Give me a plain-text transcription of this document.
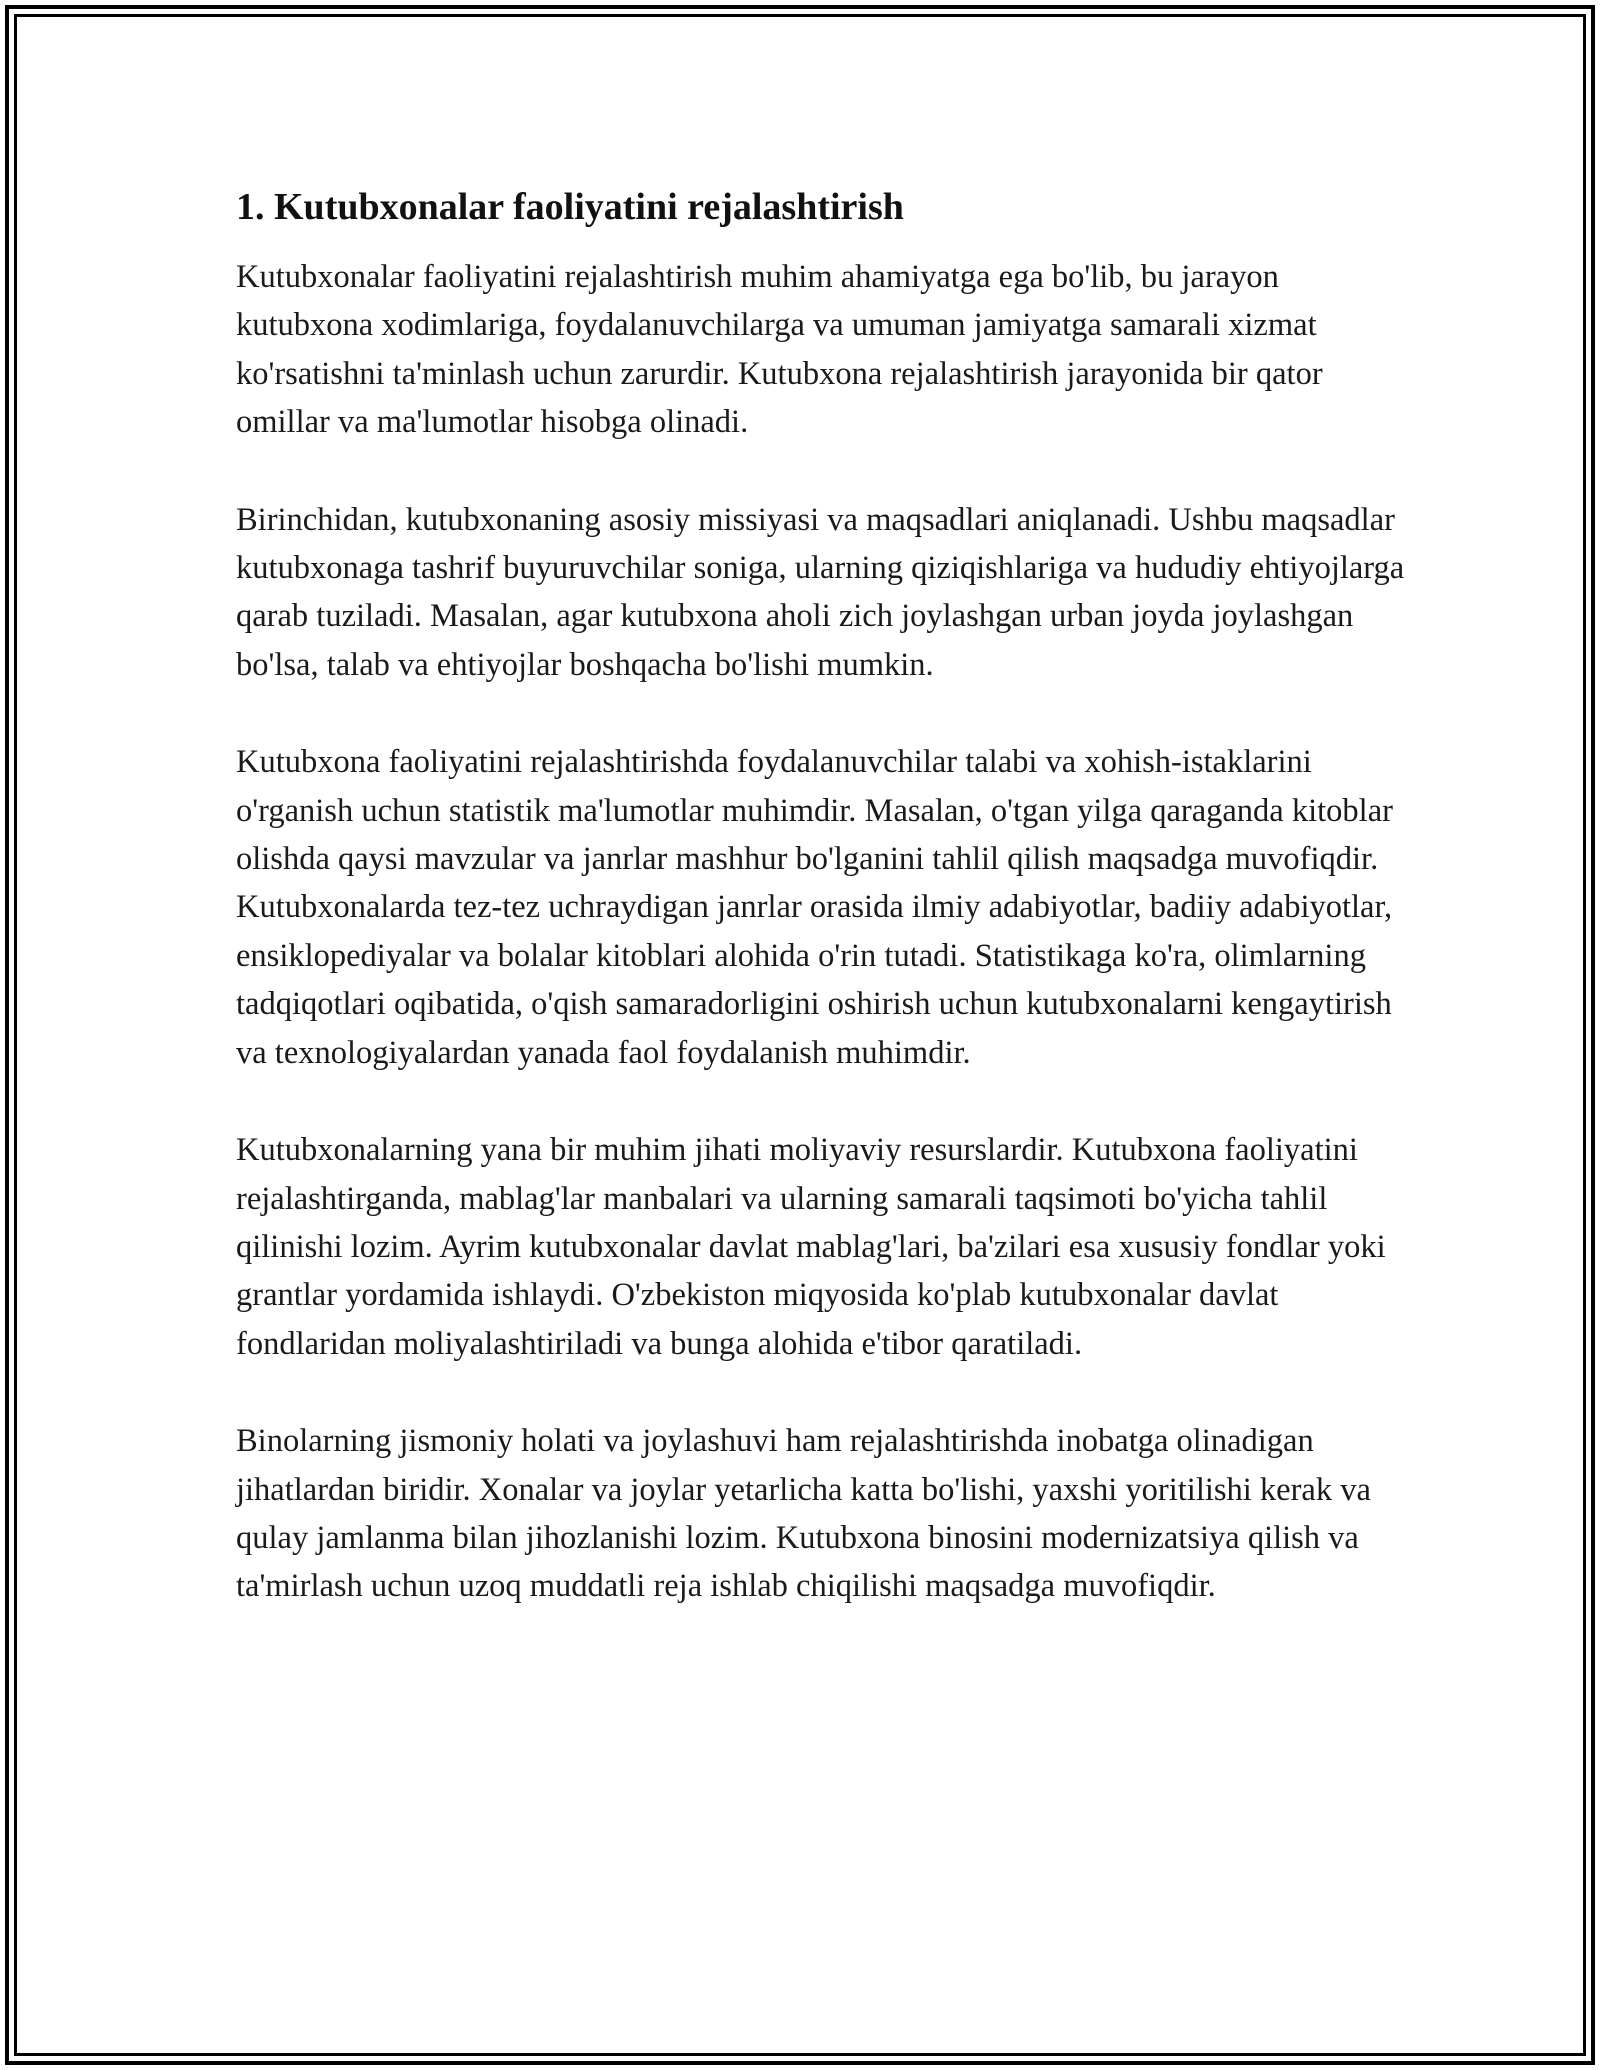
1. Kutubxonalar faoliyatini rejalashtirish

Kutubxonalar faoliyatini rejalashtirish muhim ahamiyatga ega bo'lib, bu jarayon kutubxona xodimlariga, foydalanuvchilarga va umuman jamiyatga samarali xizmat ko'rsatishni ta'minlash uchun zarurdir. Kutubxona rejalashtirish jarayonida bir qator omillar va ma'lumotlar hisobga olinadi.

Birinchidan, kutubxonaning asosiy missiyasi va maqsadlari aniqlanadi. Ushbu maqsadlar kutubxonaga tashrif buyuruvchilar soniga, ularning qiziqishlariga va hududiy ehtiyojlarga qarab tuziladi. Masalan, agar kutubxona aholi zich joylashgan urban joyda joylashgan bo'lsa, talab va ehtiyojlar boshqacha bo'lishi mumkin.

Kutubxona faoliyatini rejalashtirishda foydalanuvchilar talabi va xohish-istaklarini o'rganish uchun statistik ma'lumotlar muhimdir. Masalan, o'tgan yilga qaraganda kitoblar olishda qaysi mavzular va janrlar mashhur bo'lganini tahlil qilish maqsadga muvofiqdir. Kutubxonalarda tez-tez uchraydigan janrlar orasida ilmiy adabiyotlar, badiiy adabiyotlar, ensiklopediyalar va bolalar kitoblari alohida o'rin tutadi. Statistikaga ko'ra, olimlarning tadqiqotlari oqibatida, o'qish samaradorligini oshirish uchun kutubxonalarni kengaytirish va texnologiyalardan yanada faol foydalanish muhimdir.

Kutubxonalarning yana bir muhim jihati moliyaviy resurslardir. Kutubxona faoliyatini rejalashtirganda, mablag'lar manbalari va ularning samarali taqsimoti bo'yicha tahlil qilinishi lozim. Ayrim kutubxonalar davlat mablag'lari, ba'zilari esa xususiy fondlar yoki grantlar yordamida ishlaydi. O'zbekiston miqyosida ko'plab kutubxonalar davlat fondlaridan moliyalashtiriladi va bunga alohida e'tibor qaratiladi.

Binolarning jismoniy holati va joylashuvi ham rejalashtirishda inobatga olinadigan jihatlardan biridir. Xonalar va joylar yetarlicha katta bo'lishi, yaxshi yoritilishi kerak va qulay jamlanma bilan jihozlanishi lozim. Kutubxona binosini modernizatsiya qilish va ta'mirlash uchun uzoq muddatli reja ishlab chiqilishi maqsadga muvofiqdir.
